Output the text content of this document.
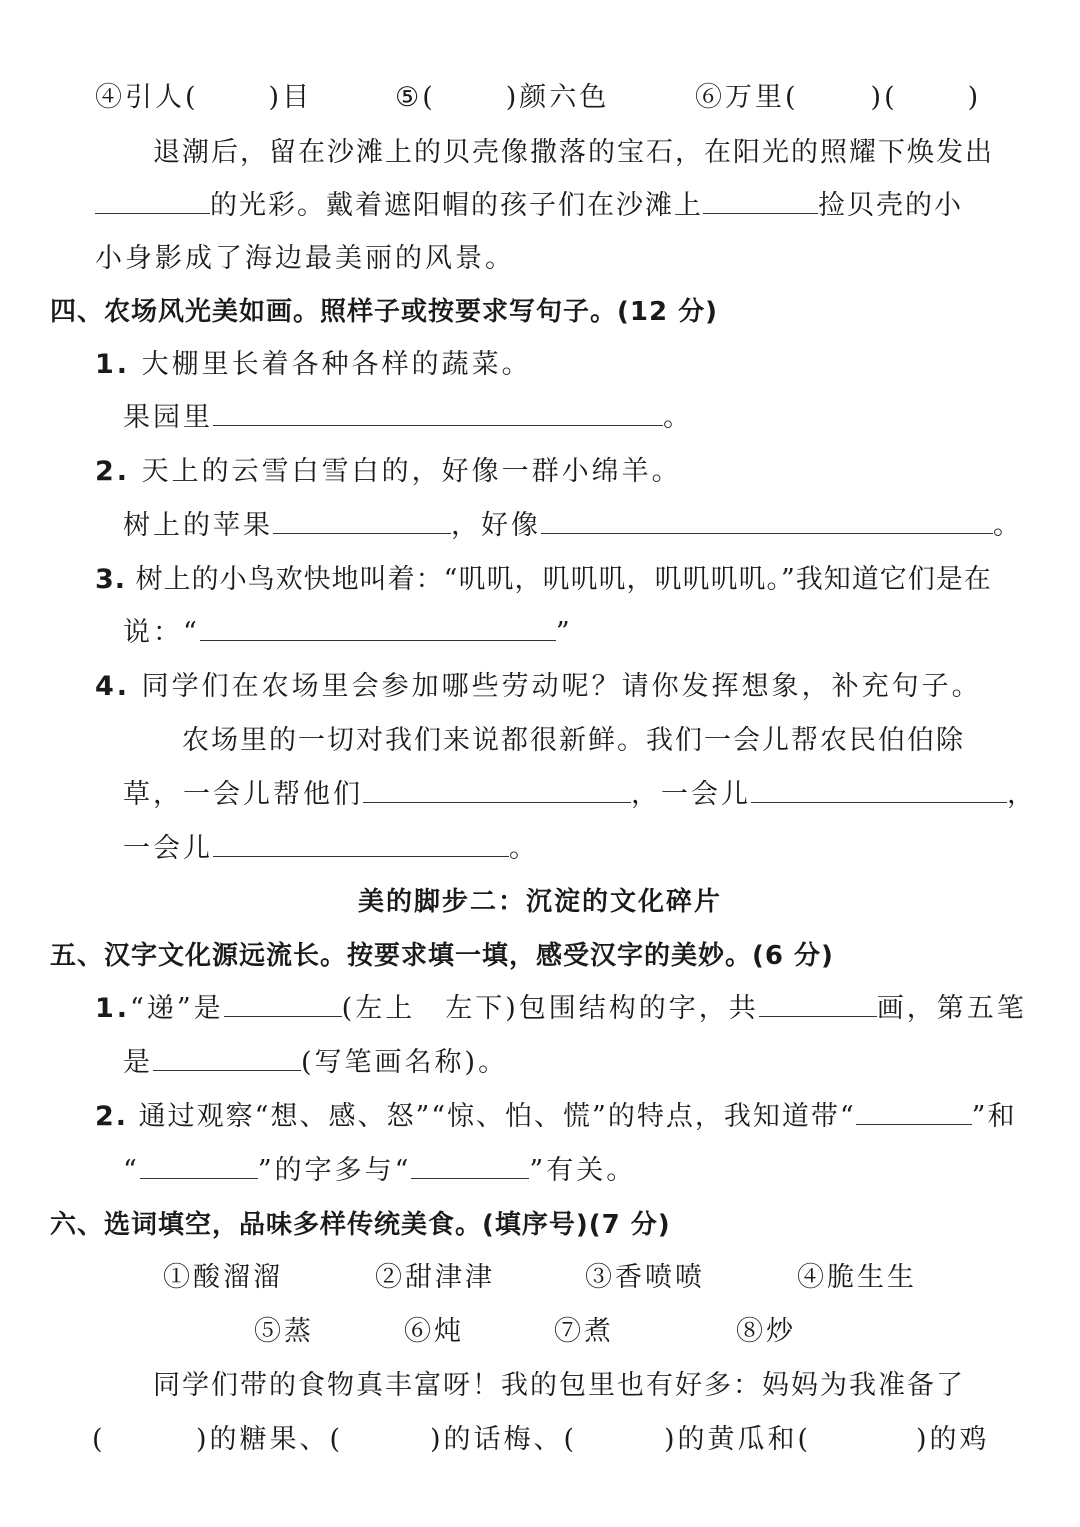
④引人(	)目	⑤(	)颜六色	⑥万里(	)(	)
退潮后，留在沙滩上的贝壳像撒落的宝石，在阳光的照耀下焕发出
的光彩。戴着遮阳帽的孩子们在沙滩上	捡贝壳的小
小身影成了海边最美丽的风景。
四、农场风光美如画。照样子或按要求写句子。(12 分)
1. 大棚里长着各种各样的蔬菜。
果园里	。
2. 天上的云雪白雪白的，好像一群小绵羊。
树上的苹果	，好像	。
3. 树上的小鸟欢快地叫着：“叽叽，叽叽叽，叽叽叽叽。”我知道它们是在
说：“	”
4. 同学们在农场里会参加哪些劳动呢？请你发挥想象，补充句子。
农场里的一切对我们来说都很新鲜。我们一会儿帮农民伯伯除
草，一会儿帮他们	，一会儿	，
一会儿	。
美的脚步二：沉淀的文化碎片
五、汉字文化源远流长。按要求填一填，感受汉字的美妙。(6 分)
1.“递”是	(左上　左下)包围结构的字，共	画，第五笔
是	(写笔画名称)。
2. 通过观察“想、感、怒”“惊、怕、慌”的特点，我知道带“	”和
“	”的字多与“	”有关。
六、选词填空，品味多样传统美食。(填序号)(7 分)
①酸溜溜	②甜津津	③香喷喷	④脆生生
⑤蒸	⑥炖	⑦煮	⑧炒
同学们带的食物真丰富呀！我的包里也有好多：妈妈为我准备了
(	)的糖果、(	)的话梅、(	)的黄瓜和(	)的鸡
